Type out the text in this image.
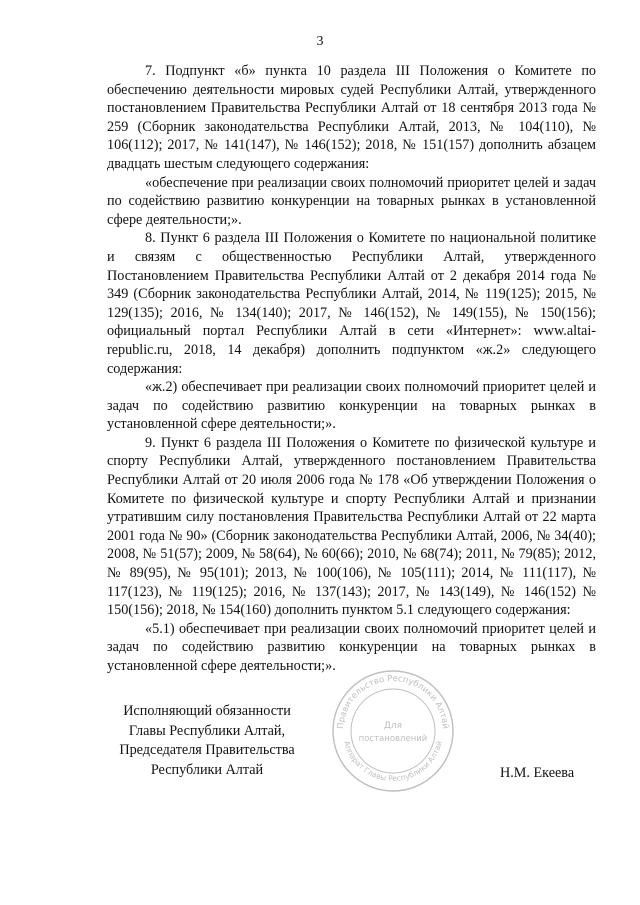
3

7. Подпункт «б» пункта 10 раздела III Положения о Комитете по обеспечению деятельности мировых судей Республики Алтай, утвержденного постановлением Правительства Республики Алтай от 18 сентября 2013 года № 259 (Сборник законодательства Республики Алтай, 2013, № 104(110), № 106(112); 2017, № 141(147), № 146(152); 2018, № 151(157) дополнить абзацем двадцать шестым следующего содержания:

«обеспечение при реализации своих полномочий приоритет целей и задач по содействию развитию конкуренции на товарных рынках в установленной сфере деятельности;».

8. Пункт 6 раздела III Положения о Комитете по национальной политике и связям с общественностью Республики Алтай, утвержденного Постановлением Правительства Республики Алтай от 2 декабря 2014 года № 349 (Сборник законодательства Республики Алтай, 2014, № 119(125); 2015, № 129(135); 2016, № 134(140); 2017, № 146(152), № 149(155), № 150(156); официальный портал Республики Алтай в сети «Интернет»: www.altai-republic.ru, 2018, 14 декабря) дополнить подпунктом «ж.2» следующего содержания:

«ж.2) обеспечивает при реализации своих полномочий приоритет целей и задач по содействию развитию конкуренции на товарных рынках в установленной сфере деятельности;».

9. Пункт 6 раздела III Положения о Комитете по физической культуре и спорту Республики Алтай, утвержденного постановлением Правительства Республики Алтай от 20 июля 2006 года № 178 «Об утверждении Положения о Комитете по физической культуре и спорту Республики Алтай и признании утратившим силу постановления Правительства Республики Алтай от 22 марта 2001 года № 90» (Сборник законодательства Республики Алтай, 2006, № 34(40); 2008, № 51(57); 2009, № 58(64), № 60(66); 2010, № 68(74); 2011, № 79(85); 2012, № 89(95), № 95(101); 2013, № 100(106), № 105(111); 2014, № 111(117), № 117(123), № 119(125); 2016, № 137(143); 2017, № 143(149), № 146(152) № 150(156); 2018, № 154(160) дополнить пунктом 5.1 следующего содержания:

«5.1) обеспечивает при реализации своих полномочий приоритет целей и задач по содействию развитию конкуренции на товарных рынках в установленной сфере деятельности;».

Исполняющий обязанности
Главы Республики Алтай,
Председателя Правительства
Республики Алтай	Н.М. Екеева
Правительство Республики Алтай
Аппарат Главы Республики Алтай
Для
постановлений
